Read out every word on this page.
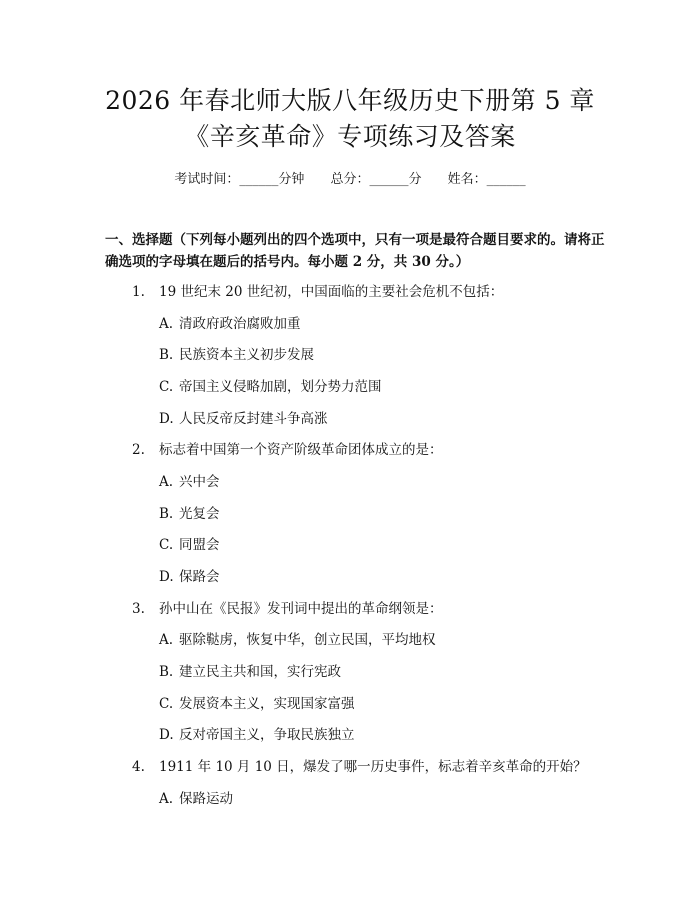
2026 年春北师大版八年级历史下册第 5 章
《辛亥革命》专项练习及答案
考试时间：______分钟 总分：______分 姓名：______
一、选择题（下列每小题列出的四个选项中，只有一项是最符合题目要求的。请将正确选项的字母填在题后的括号内。每小题 2 分，共 30 分。）
1. 19 世纪末 20 世纪初，中国面临的主要社会危机不包括：
A. 清政府政治腐败加重
B. 民族资本主义初步发展
C. 帝国主义侵略加剧，划分势力范围
D. 人民反帝反封建斗争高涨
2. 标志着中国第一个资产阶级革命团体成立的是：
A. 兴中会
B. 光复会
C. 同盟会
D. 保路会
3. 孙中山在《民报》发刊词中提出的革命纲领是：
A. 驱除鞑虏，恢复中华，创立民国，平均地权
B. 建立民主共和国，实行宪政
C. 发展资本主义，实现国家富强
D. 反对帝国主义，争取民族独立
4. 1911 年 10 月 10 日，爆发了哪一历史事件，标志着辛亥革命的开始？
A. 保路运动
